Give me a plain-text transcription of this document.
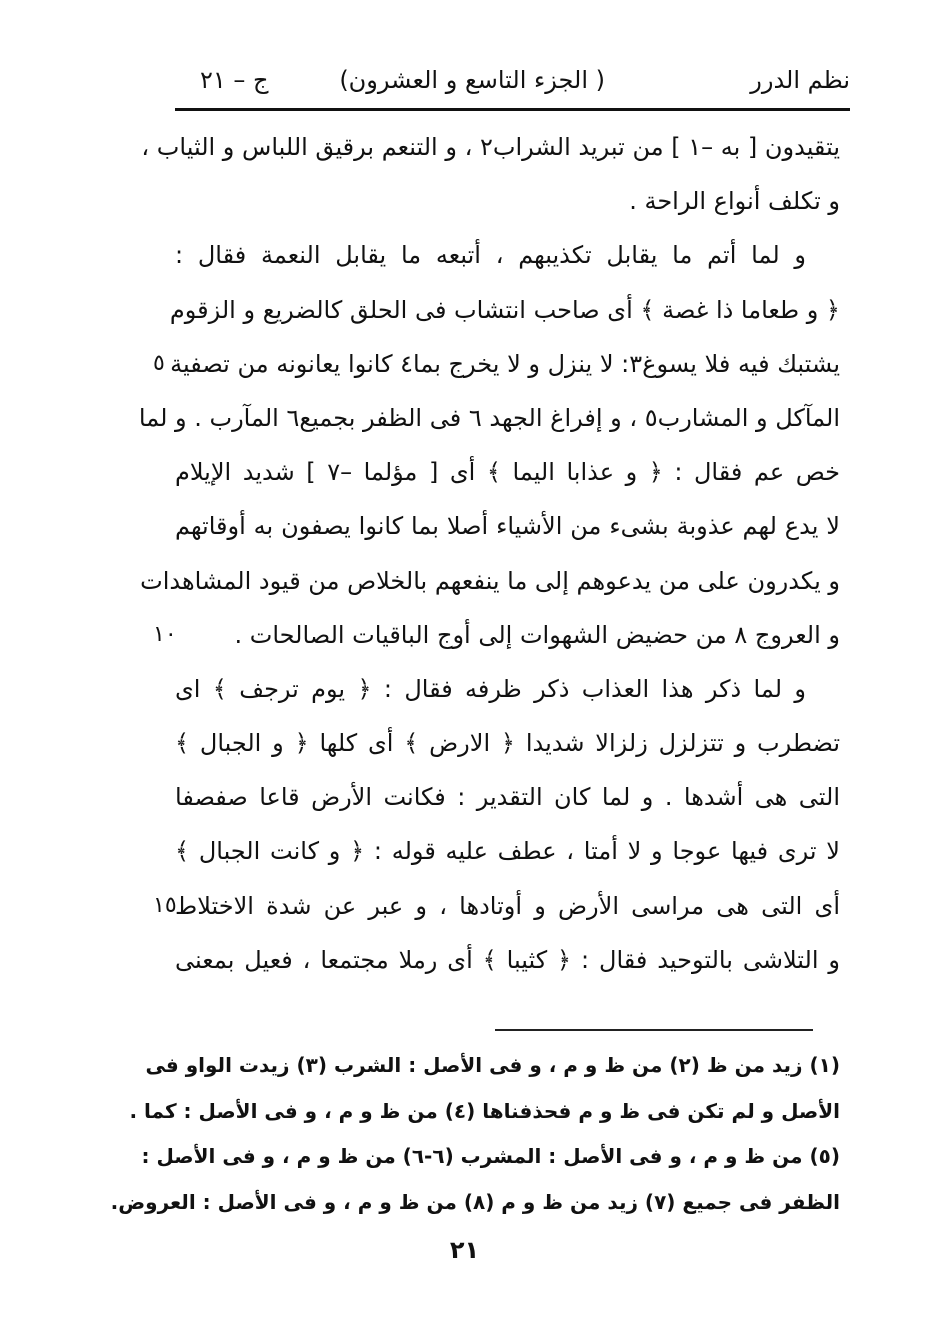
نظم الدرر
( الجزء التاسع و العشرون)
ج – ٢١
يتقيدون [ به –١ ] من تبريد الشراب٢ ، و التنعم برقيق اللباس و الثياب ،
و تكلف أنواع الراحة .
و لما أتم ما يقابل تكذيبهم ، أتبعه ما يقابل النعمة فقال :
﴿ و طعاما ذا غصة ﴾ أى صاحب انتشاب فى الحلق كالضريع و الزقوم
يشتبك فيه فلا يسوغ٣: لا ينزل و لا يخرج بما٤ كانوا يعانونه من تصفية
٥
المآكل و المشارب٥ ، و إفراغ الجهد ٦ فى الظفر بجميع٦ المآرب . و لما
خص عم فقال : ﴿ و عذابا اليما ﴾ أى [ مؤلما –٧ ] شديد الإيلام
لا يدع لهم عذوبة بشىء من الأشياء أصلا بما كانوا يصفون به أوقاتهم
و يكدرون على من يدعوهم إلى ما ينفعهم بالخلاص من قيود المشاهدات
و العروج ٨ من حضيض الشهوات إلى أوج الباقيات الصالحات .
١٠
و لما ذكر هذا العذاب ذكر ظرفه فقال : ﴿ يوم ترجف ﴾ اى
تضطرب و تتزلزل زلزالا شديدا ﴿ الارض ﴾ أى كلها ﴿ و الجبال ﴾
التى هى أشدها . و لما كان التقدير : فكانت الأرض قاعا صفصفا
لا ترى فيها عوجا و لا أمتا ، عطف عليه قوله : ﴿ و كانت الجبال ﴾
أى التى هى مراسى الأرض و أوتادها ، و عبر عن شدة الاختلاط
١٥
و التلاشى بالتوحيد فقال : ﴿ كثيبا ﴾ أى رملا مجتمعا ، فعيل بمعنى
(١) زيد من ظ (٢) من ظ و م ، و فى الأصل : الشرب (٣) زيدت الواو فى
الأصل و لم تكن فى ظ و م فحذفناها (٤) من ظ و م ، و فى الأصل : كما .
(٥) من ظ و م ، و فى الأصل : المشرب (٦-٦) من ظ و م ، و فى الأصل :
الظفر فى جميع (٧) زيد من ظ و م (٨) من ظ و م ، و فى الأصل : العروض.
٢١
